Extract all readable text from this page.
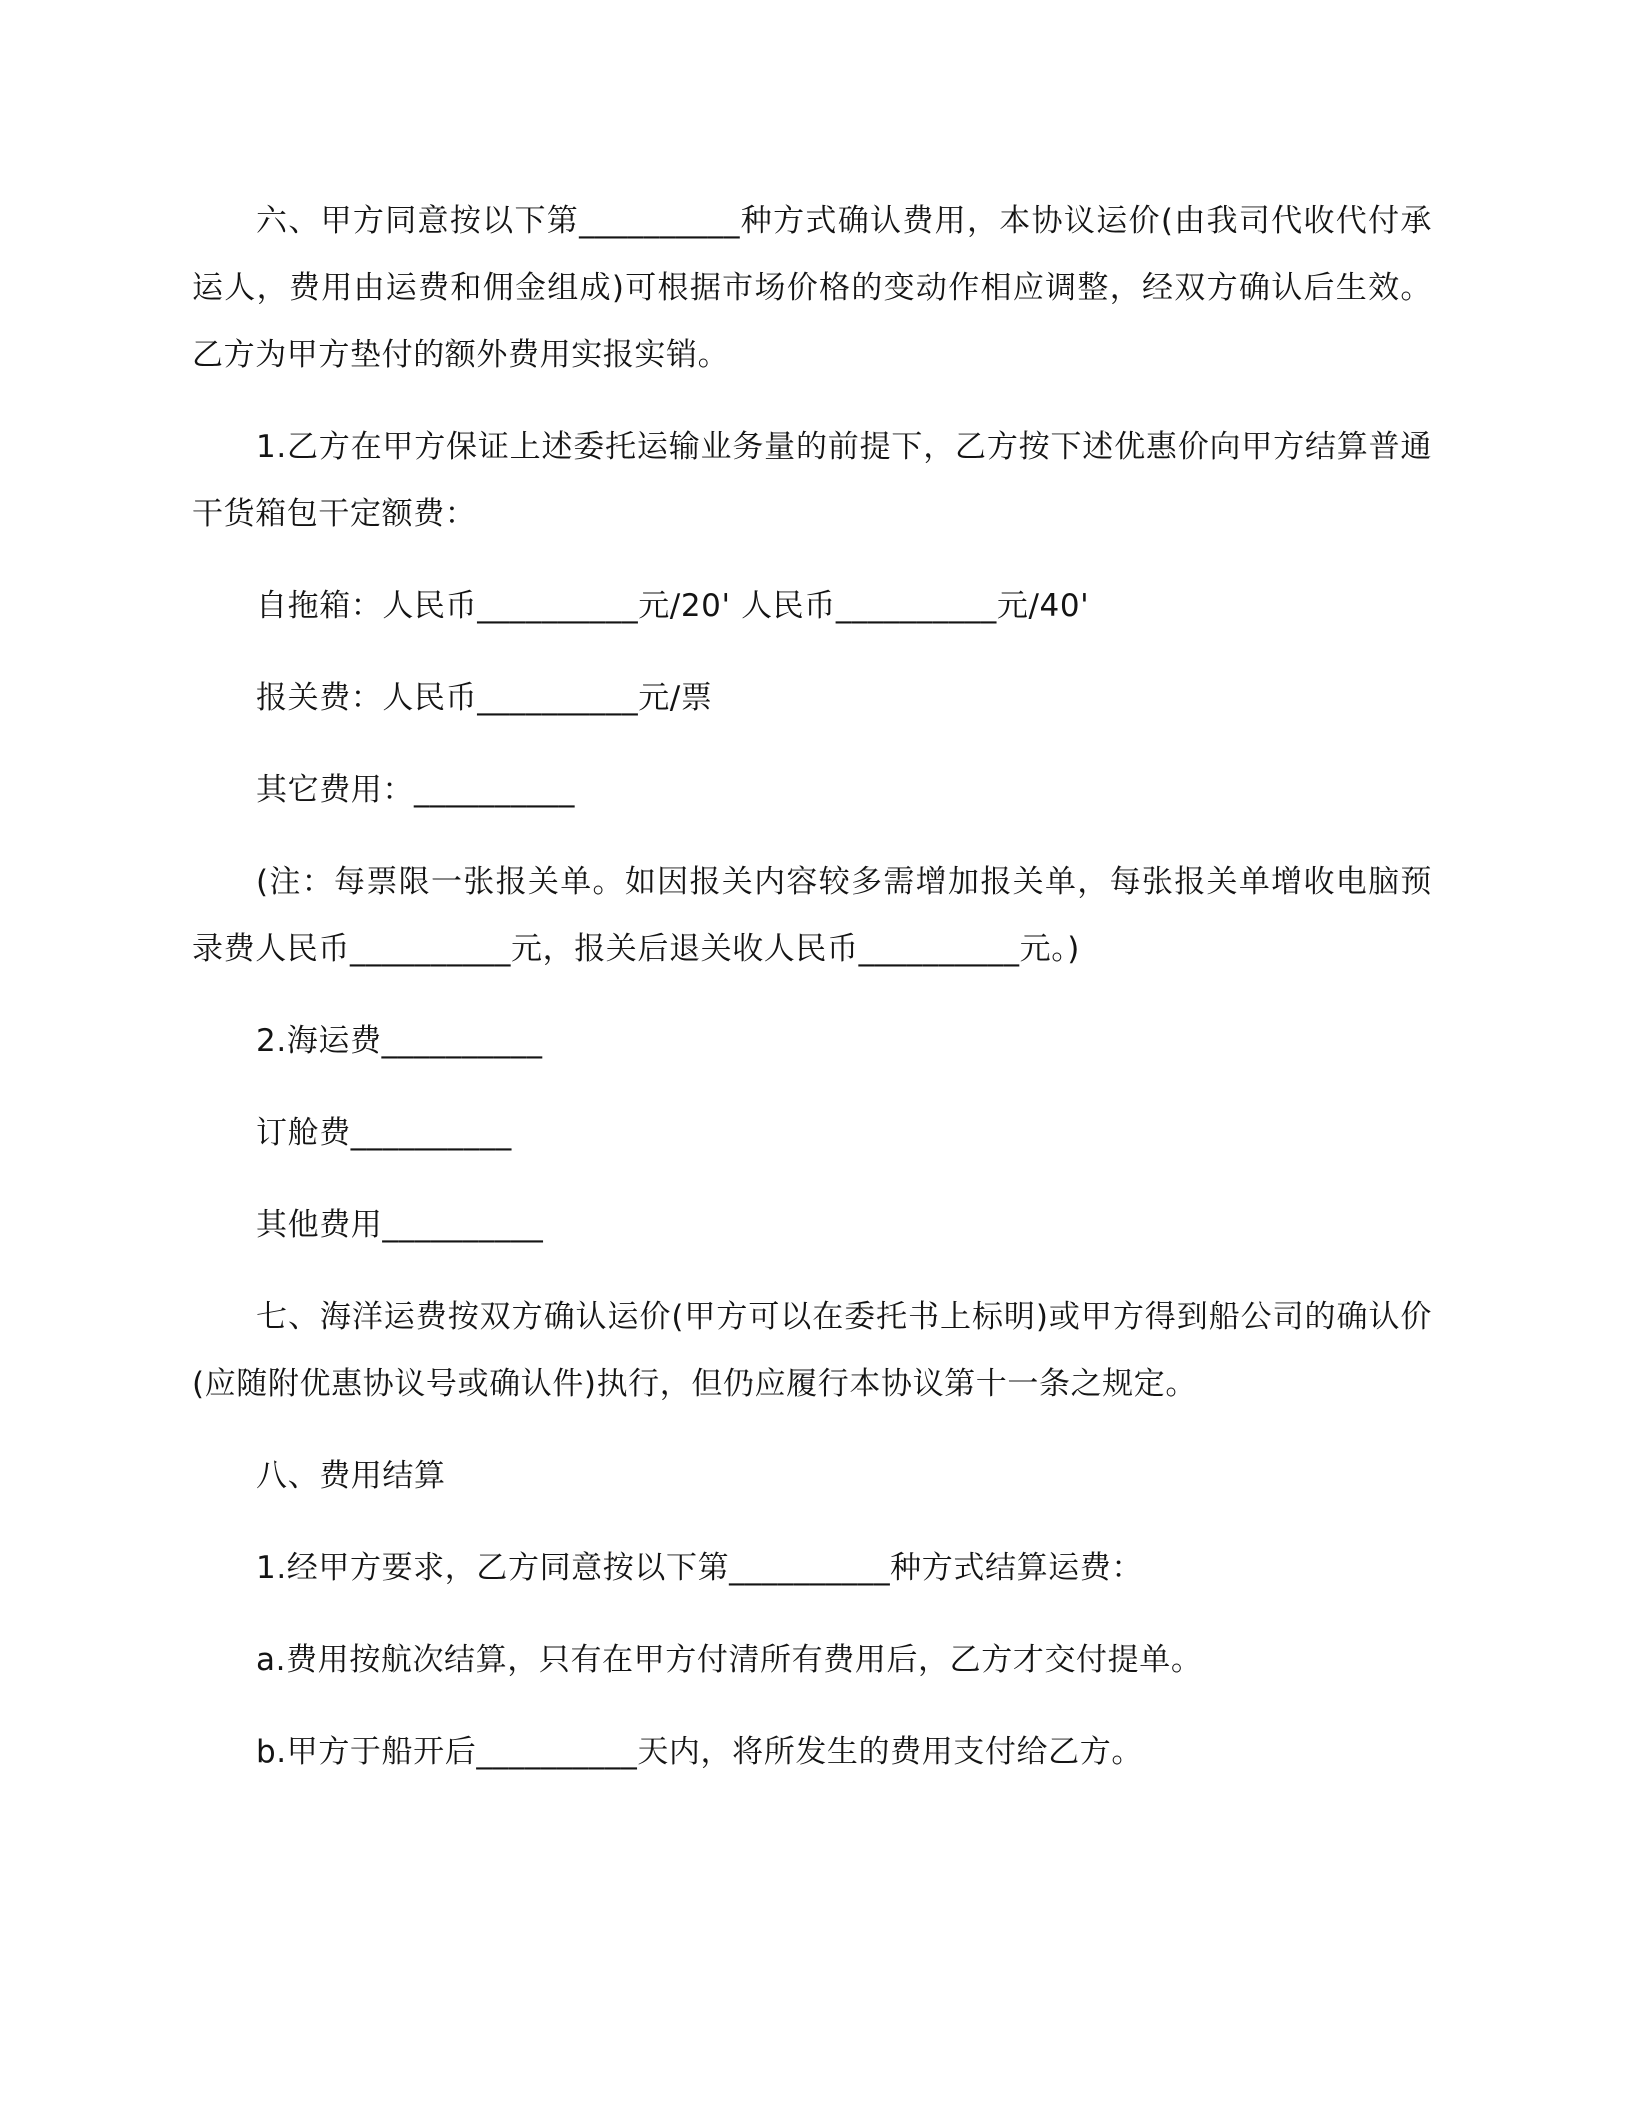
六、甲方同意按以下第__________种方式确认费用，本协议运价(由我司代收代付承运人，费用由运费和佣金组成)可根据市场价格的变动作相应调整，经双方确认后生效。乙方为甲方垫付的额外费用实报实销。

1.乙方在甲方保证上述委托运输业务量的前提下，乙方按下述优惠价向甲方结算普通干货箱包干定额费：

自拖箱：人民币__________元/20' 人民币__________元/40'

报关费：人民币__________元/票

其它费用：__________

(注：每票限一张报关单。如因报关内容较多需增加报关单，每张报关单增收电脑预录费人民币__________元，报关后退关收人民币__________元。)

2.海运费__________

订舱费__________

其他费用__________

七、海洋运费按双方确认运价(甲方可以在委托书上标明)或甲方得到船公司的确认价(应随附优惠协议号或确认件)执行，但仍应履行本协议第十一条之规定。

八、费用结算

1.经甲方要求，乙方同意按以下第__________种方式结算运费：

a.费用按航次结算，只有在甲方付清所有费用后，乙方才交付提单。

b.甲方于船开后__________天内，将所发生的费用支付给乙方。
